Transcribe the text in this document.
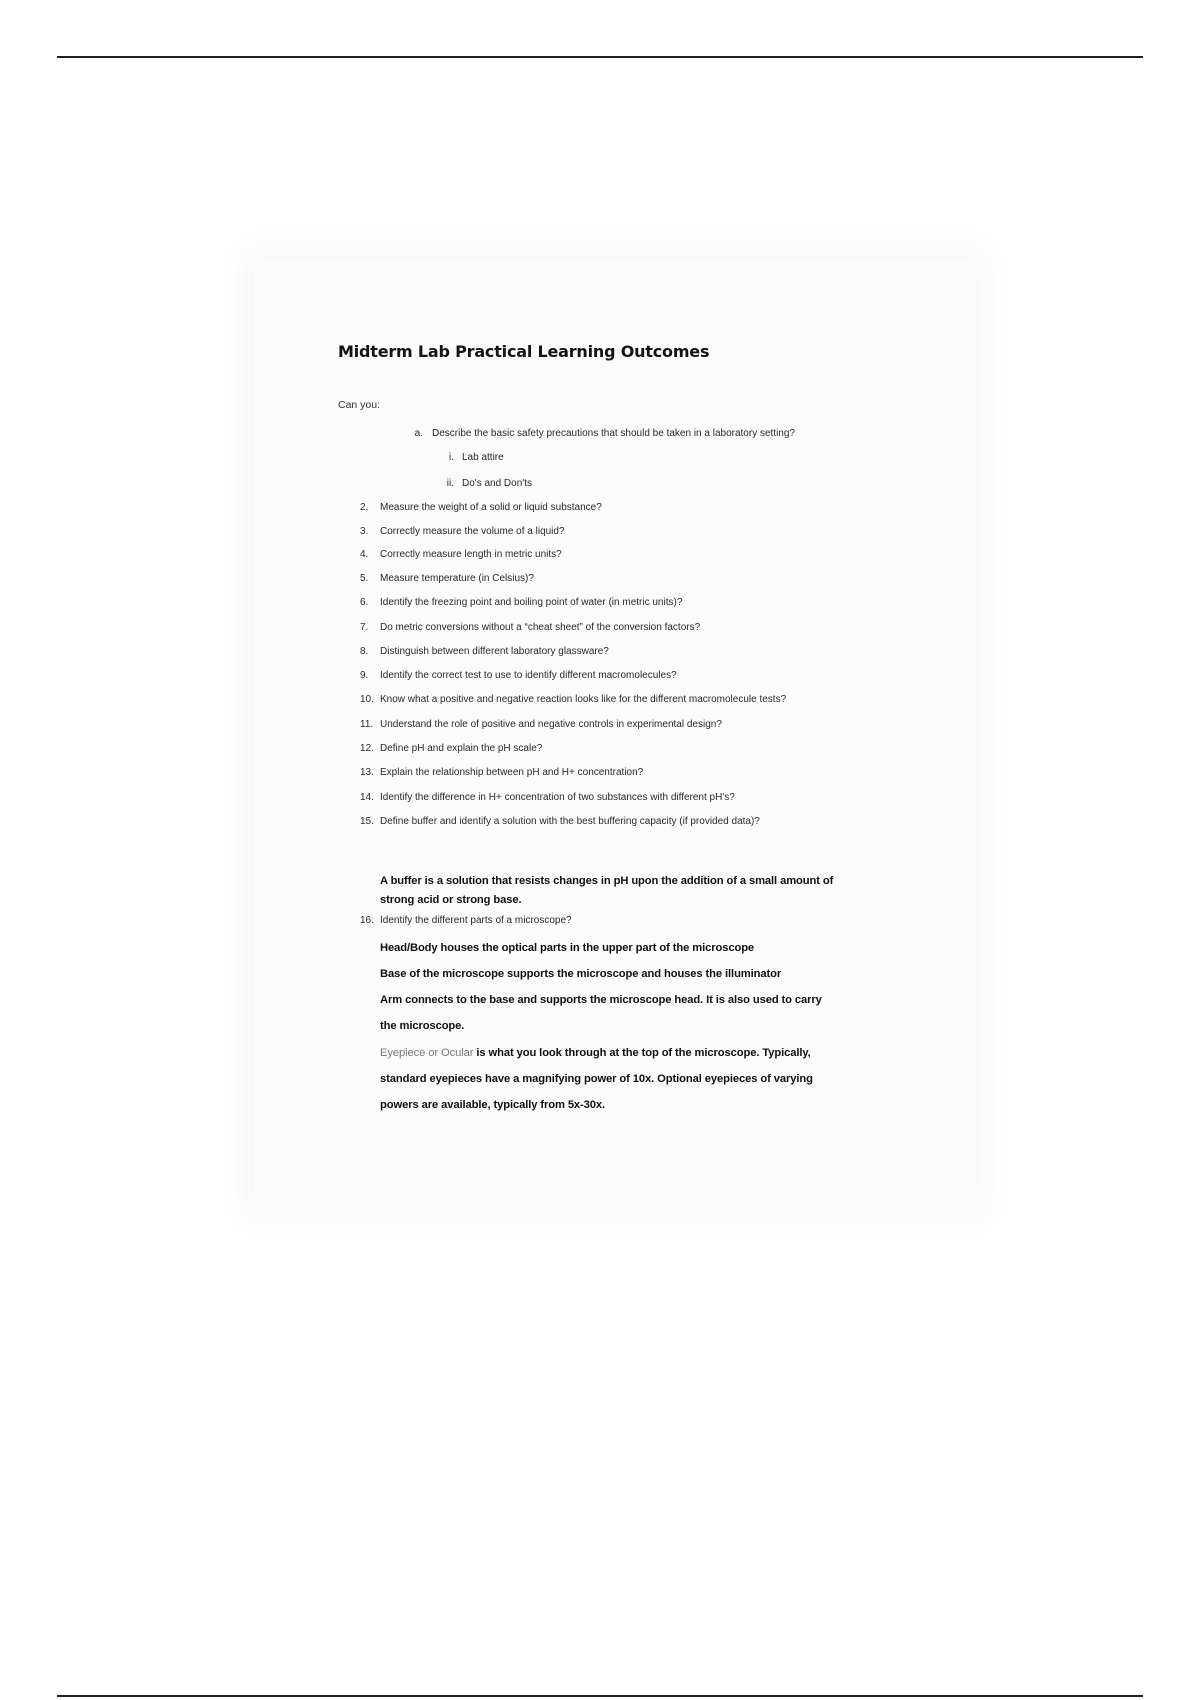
Midterm Lab Practical Learning Outcomes
Can you:
a. Describe the basic safety precautions that should be taken in a laboratory setting?
i. Lab attire
ii. Do's and Don'ts
2. Measure the weight of a solid or liquid substance?
3. Correctly measure the volume of a liquid?
4. Correctly measure length in metric units?
5. Measure temperature (in Celsius)?
6. Identify the freezing point and boiling point of water (in metric units)?
7. Do metric conversions without a “cheat sheet” of the conversion factors?
8. Distinguish between different laboratory glassware?
9. Identify the correct test to use to identify different macromolecules?
10. Know what a positive and negative reaction looks like for the different macromolecule tests?
11. Understand the role of positive and negative controls in experimental design?
12. Define pH and explain the pH scale?
13. Explain the relationship between pH and H+ concentration?
14. Identify the difference in H+ concentration of two substances with different pH's?
15. Define buffer and identify a solution with the best buffering capacity (if provided data)?
A buffer is a solution that resists changes in pH upon the addition of a small amount of
strong acid or strong base.
16. Identify the different parts of a microscope?
Head/Body houses the optical parts in the upper part of the microscope
Base of the microscope supports the microscope and houses the illuminator
Arm connects to the base and supports the microscope head. It is also used to carry
the microscope.
Eyepiece or Ocular is what you look through at the top of the microscope. Typically,
standard eyepieces have a magnifying power of 10x. Optional eyepieces of varying
powers are available, typically from 5x-30x.
